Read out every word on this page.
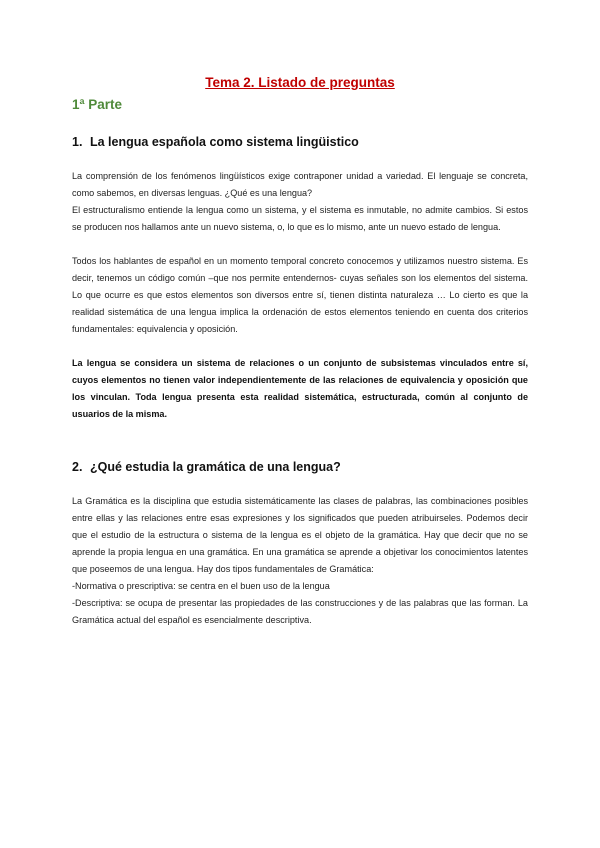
Tema 2. Listado de preguntas
1ª Parte
1. La lengua española como sistema lingüistico

La comprensión de los fenómenos lingüísticos exige contraponer unidad a variedad. El lenguaje se concreta, como sabemos, en diversas lenguas. ¿Qué es una lengua?

El estructuralismo entiende la lengua como un sistema, y el sistema es inmutable, no admite cambios. Si estos se producen nos hallamos ante un nuevo sistema, o, lo que es lo mismo, ante un nuevo estado de lengua.

Todos los hablantes de español en un momento temporal concreto conocemos y utilizamos nuestro sistema. Es decir, tenemos un código común –que nos permite entendernos- cuyas señales son los elementos del sistema. Lo que ocurre es que estos elementos son diversos entre sí, tienen distinta naturaleza … Lo cierto es que la realidad sistemática de una lengua implica la ordenación de estos elementos teniendo en cuenta dos criterios fundamentales: equivalencia y oposición.

La lengua se considera un sistema de relaciones o un conjunto de subsistemas vinculados entre sí, cuyos elementos no tienen valor independientemente de las relaciones de equivalencia y oposición que los vinculan. Toda lengua presenta esta realidad sistemática, estructurada, común al conjunto de usuarios de la misma.

2. ¿Qué estudia la gramática de una lengua?

La Gramática es la disciplina que estudia sistemáticamente las clases de palabras, las combinaciones posibles entre ellas y las relaciones entre esas expresiones y los significados que pueden atribuirseles. Podemos decir que el estudio de la estructura o sistema de la lengua es el objeto de la gramática. Hay que decir que no se aprende la propia lengua en una gramática. En una gramática se aprende a objetivar los conocimientos latentes que poseemos de una lengua. Hay dos tipos fundamentales de Gramática:

-Normativa o prescriptiva: se centra en el buen uso de la lengua

-Descriptiva: se ocupa de presentar las propiedades de las construcciones y de las palabras que las forman. La Gramática actual del español es esencialmente descriptiva.
